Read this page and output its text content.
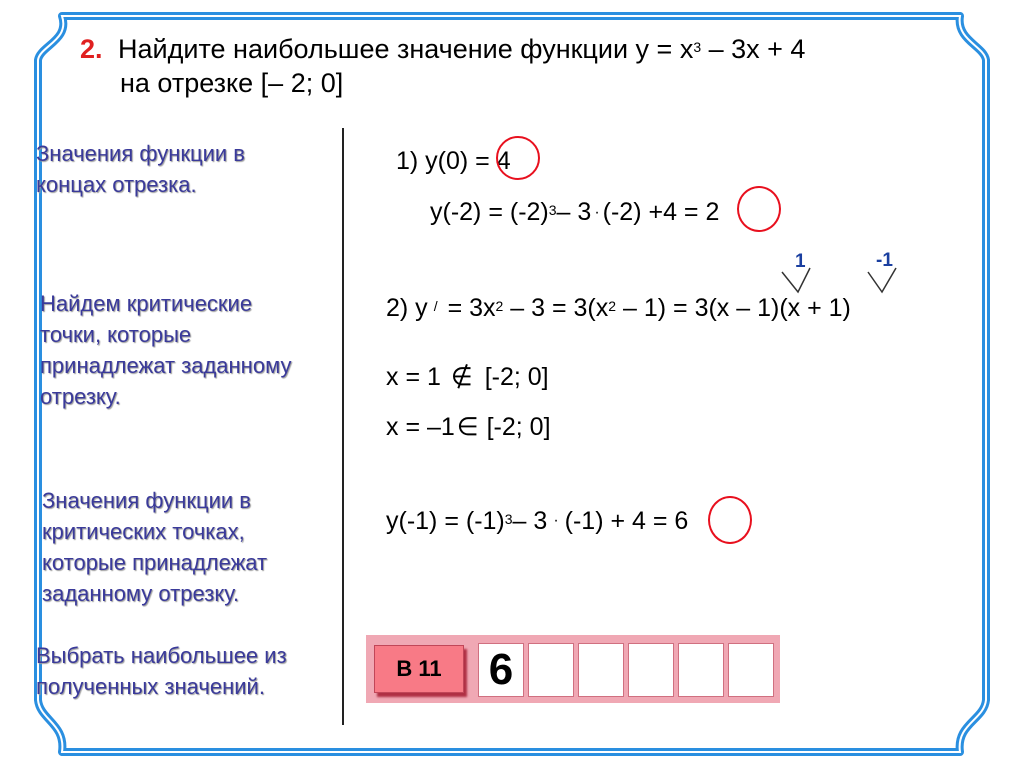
2. Найдите наибольшее значение функции $y = x^3 - 3x + 4$
на отрезке [– 2; 0]
Значения функции в концах отрезка.
Найдем критические точки, которые принадлежат заданному отрезку.
Значения функции в критических точках, которые принадлежат заданному отрезку.
Выбрать наибольшее из полученных значений.
1) y(0) = 4
$y(-2) = (-2)^3-$ 3 · (-2) +4 = 2
1	-1
2) y $^/ = 3x^2 - 3 = 3(x^2 - 1) = 3(x - 1)(x + 1)$
x = 1 ∉ [-2; 0]
x = –1∈ [-2; 0]
$y(-1) = (-1)^3-$ 3 · (-1) + 4 = 6
В 11	6
